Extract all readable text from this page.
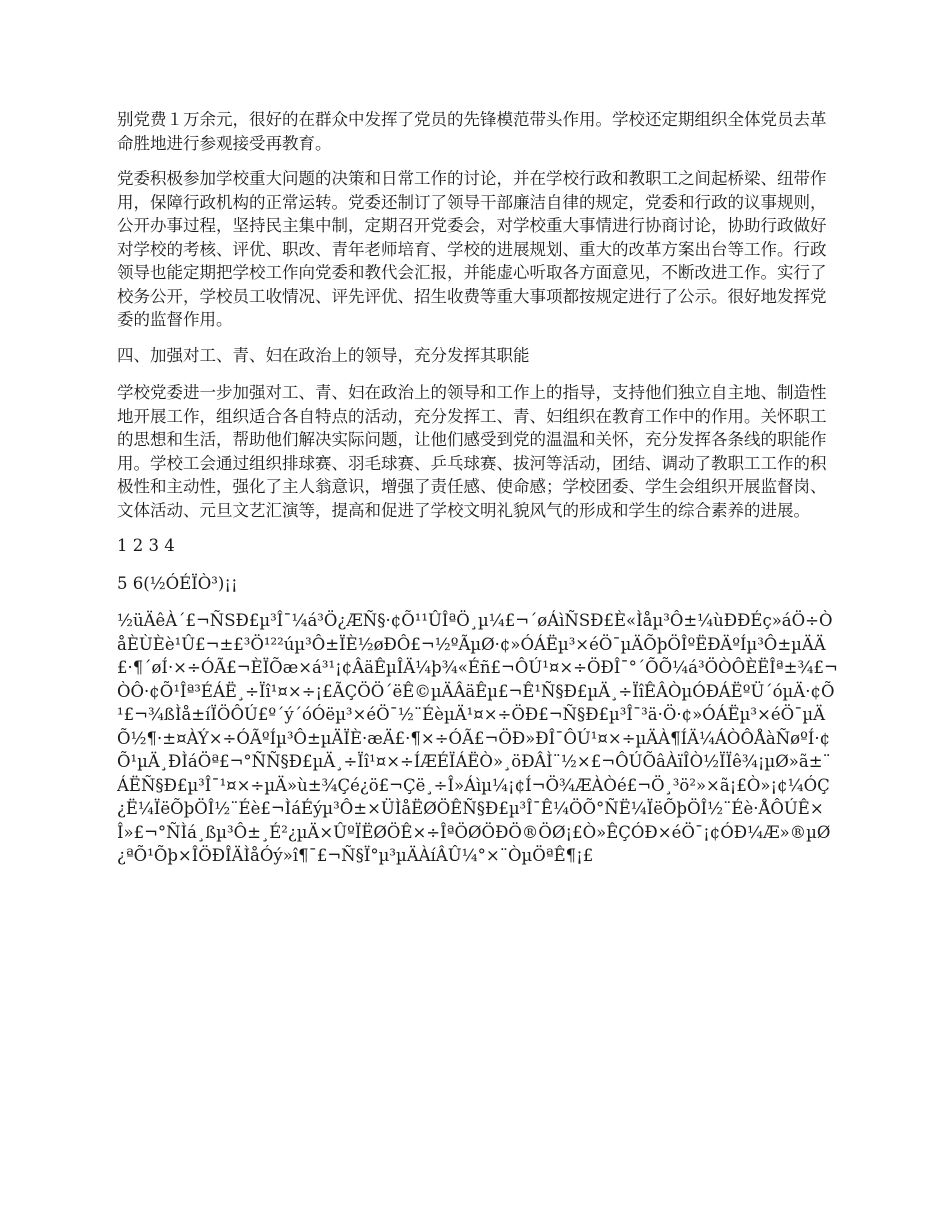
别党费１万余元，很好的在群众中发挥了党员的先锋模范带头作用。学校还定期组织全体党员去革命胜地进行参观接受再教育。

党委积极参加学校重大问题的决策和日常工作的讨论，并在学校行政和教职工之间起桥梁、纽带作用，保障行政机构的正常运转。党委还制订了领导干部廉洁自律的规定，党委和行政的议事规则，公开办事过程，坚持民主集中制，定期召开党委会，对学校重大事情进行协商讨论，协助行政做好对学校的考核、评优、职改、青年老师培育、学校的进展规划、重大的改革方案出台等工作。行政领导也能定期把学校工作向党委和教代会汇报，并能虚心听取各方面意见，不断改进工作。实行了校务公开，学校员工收情况、评先评优、招生收费等重大事项都按规定进行了公示。很好地发挥党委的监督作用。

四、加强对工、青、妇在政治上的领导，充分发挥其职能

学校党委进一步加强对工、青、妇在政治上的领导和工作上的指导，支持他们独立自主地、制造性地开展工作，组织适合各自特点的活动，充分发挥工、青、妇组织在教育工作中的作用。关怀职工的思想和生活，帮助他们解决实际问题，让他们感受到党的温温和关怀，充分发挥各条线的职能作用。学校工会通过组织排球赛、羽毛球赛、乒乓球赛、拔河等活动，团结、调动了教职工工作的积极性和主动性，强化了主人翁意识，增强了责任感、使命感；学校团委、学生会组织开展监督岗、文体活动、元旦文艺汇演等，提高和促进了学校文明礼貌风气的形成和学生的综合素养的进展。

1 2 3 4

5 6(½ÓÉÏÒ³)¡¡

½üÄêÀ´£¬ÑSÐ£µ³Î¯¼á³Ö¿ÆÑ§·¢Õ¹¹ÛÎªÖ¸µ¼£¬´øÁìÑSÐ£È«Ìåµ³Ô±¼ùÐÐÉç»áÖ÷ÒåÈÙÈè¹Û£¬±£³Ö¹²²úµ³Ô±ÏÈ½øÐÔ£¬½ºÃµØ·¢»ÓÁËµ³×éÖ¯µÄÕþÖÎºËÐÄºÍµ³Ô±µÄÄ£·¶´øÍ·×÷ÓÃ£¬ÈÏÕæ×á³¹¡¢ÂäÊµÎÄ¼þ¾«Éñ£¬ÔÚ¹¤×÷ÖÐÎ¯°´ÕÕ¼á³ÖÒÔÈËÎª±¾£¬ÒÔ·¢Õ¹Îª³ÉÁË¸÷Ïî¹¤×÷¡£ÃÇÖÖ´ëÊ©µÄÂäÊµ£¬Ê¹Ñ§Ð£µÄ¸÷ÏîÊÂÒµÓÐÁËºÜ´óµÄ·¢Õ¹£¬¾ßÌå±íÏÖÔÚ£º´ý´óÓëµ³×éÖ¯½¨ÉèµÄ¹¤×÷ÖÐ£¬Ñ§Ð£µ³Î¯³ä·Ö·¢»ÓÁËµ³×éÖ¯µÄÕ½¶·±¤ÀÝ×÷ÓÃºÍµ³Ô±µÄÏÈ·æÄ£·¶×÷ÓÃ£¬ÖÐ»ÐÎ¯ÔÚ¹¤×÷µÄÀ¶ÍÄ¼ÁÒÔÅàÑøºÍ·¢Õ¹µÄ¸ÐÌáÖª£¬°ÑÑ§Ð£µÄ¸÷Ïî¹¤×÷ÍÆÉÏÁËÒ»¸öÐÂÌ¨½×£¬ÔÚÕâÀïÎÒ½ÏÏê¾¡µØ»ã±¨ÁËÑ§Ð£µ³Î¯¹¤×÷µÄ»ù±¾Çé¿ö£¬Çë¸÷Î»Áìµ¼¡¢Í¬Ö¾ÆÀÒé£¬Ö¸³ö²»×ã¡£Ò»¡¢¼ÓÇ¿Ë¼ÏëÕþÖÎ½¨Éè£¬ÌáÉýµ³Ô±×ÜÌåËØÖÊÑ§Ð£µ³Î¯Ê¼ÖÕ°ÑË¼ÏëÕþÖÎ½¨Éè·ÅÔÚÊ×Î»£¬°ÑÌá¸ßµ³Ô±¸É²¿µÄ×ÛºÏËØÖÊ×÷ÎªÖØÖÐÖ®ÖØ¡£Ò»ÊÇÓÐ×éÖ¯¡¢ÓÐ¼Æ»®µØ¿ªÕ¹Õþ×ÎÖÐÎÄÌåÓý»î¶¯£¬Ñ§Ï°µ³µÄÀíÂÛ¼°×¨ÒµÖªÊ¶¡£
